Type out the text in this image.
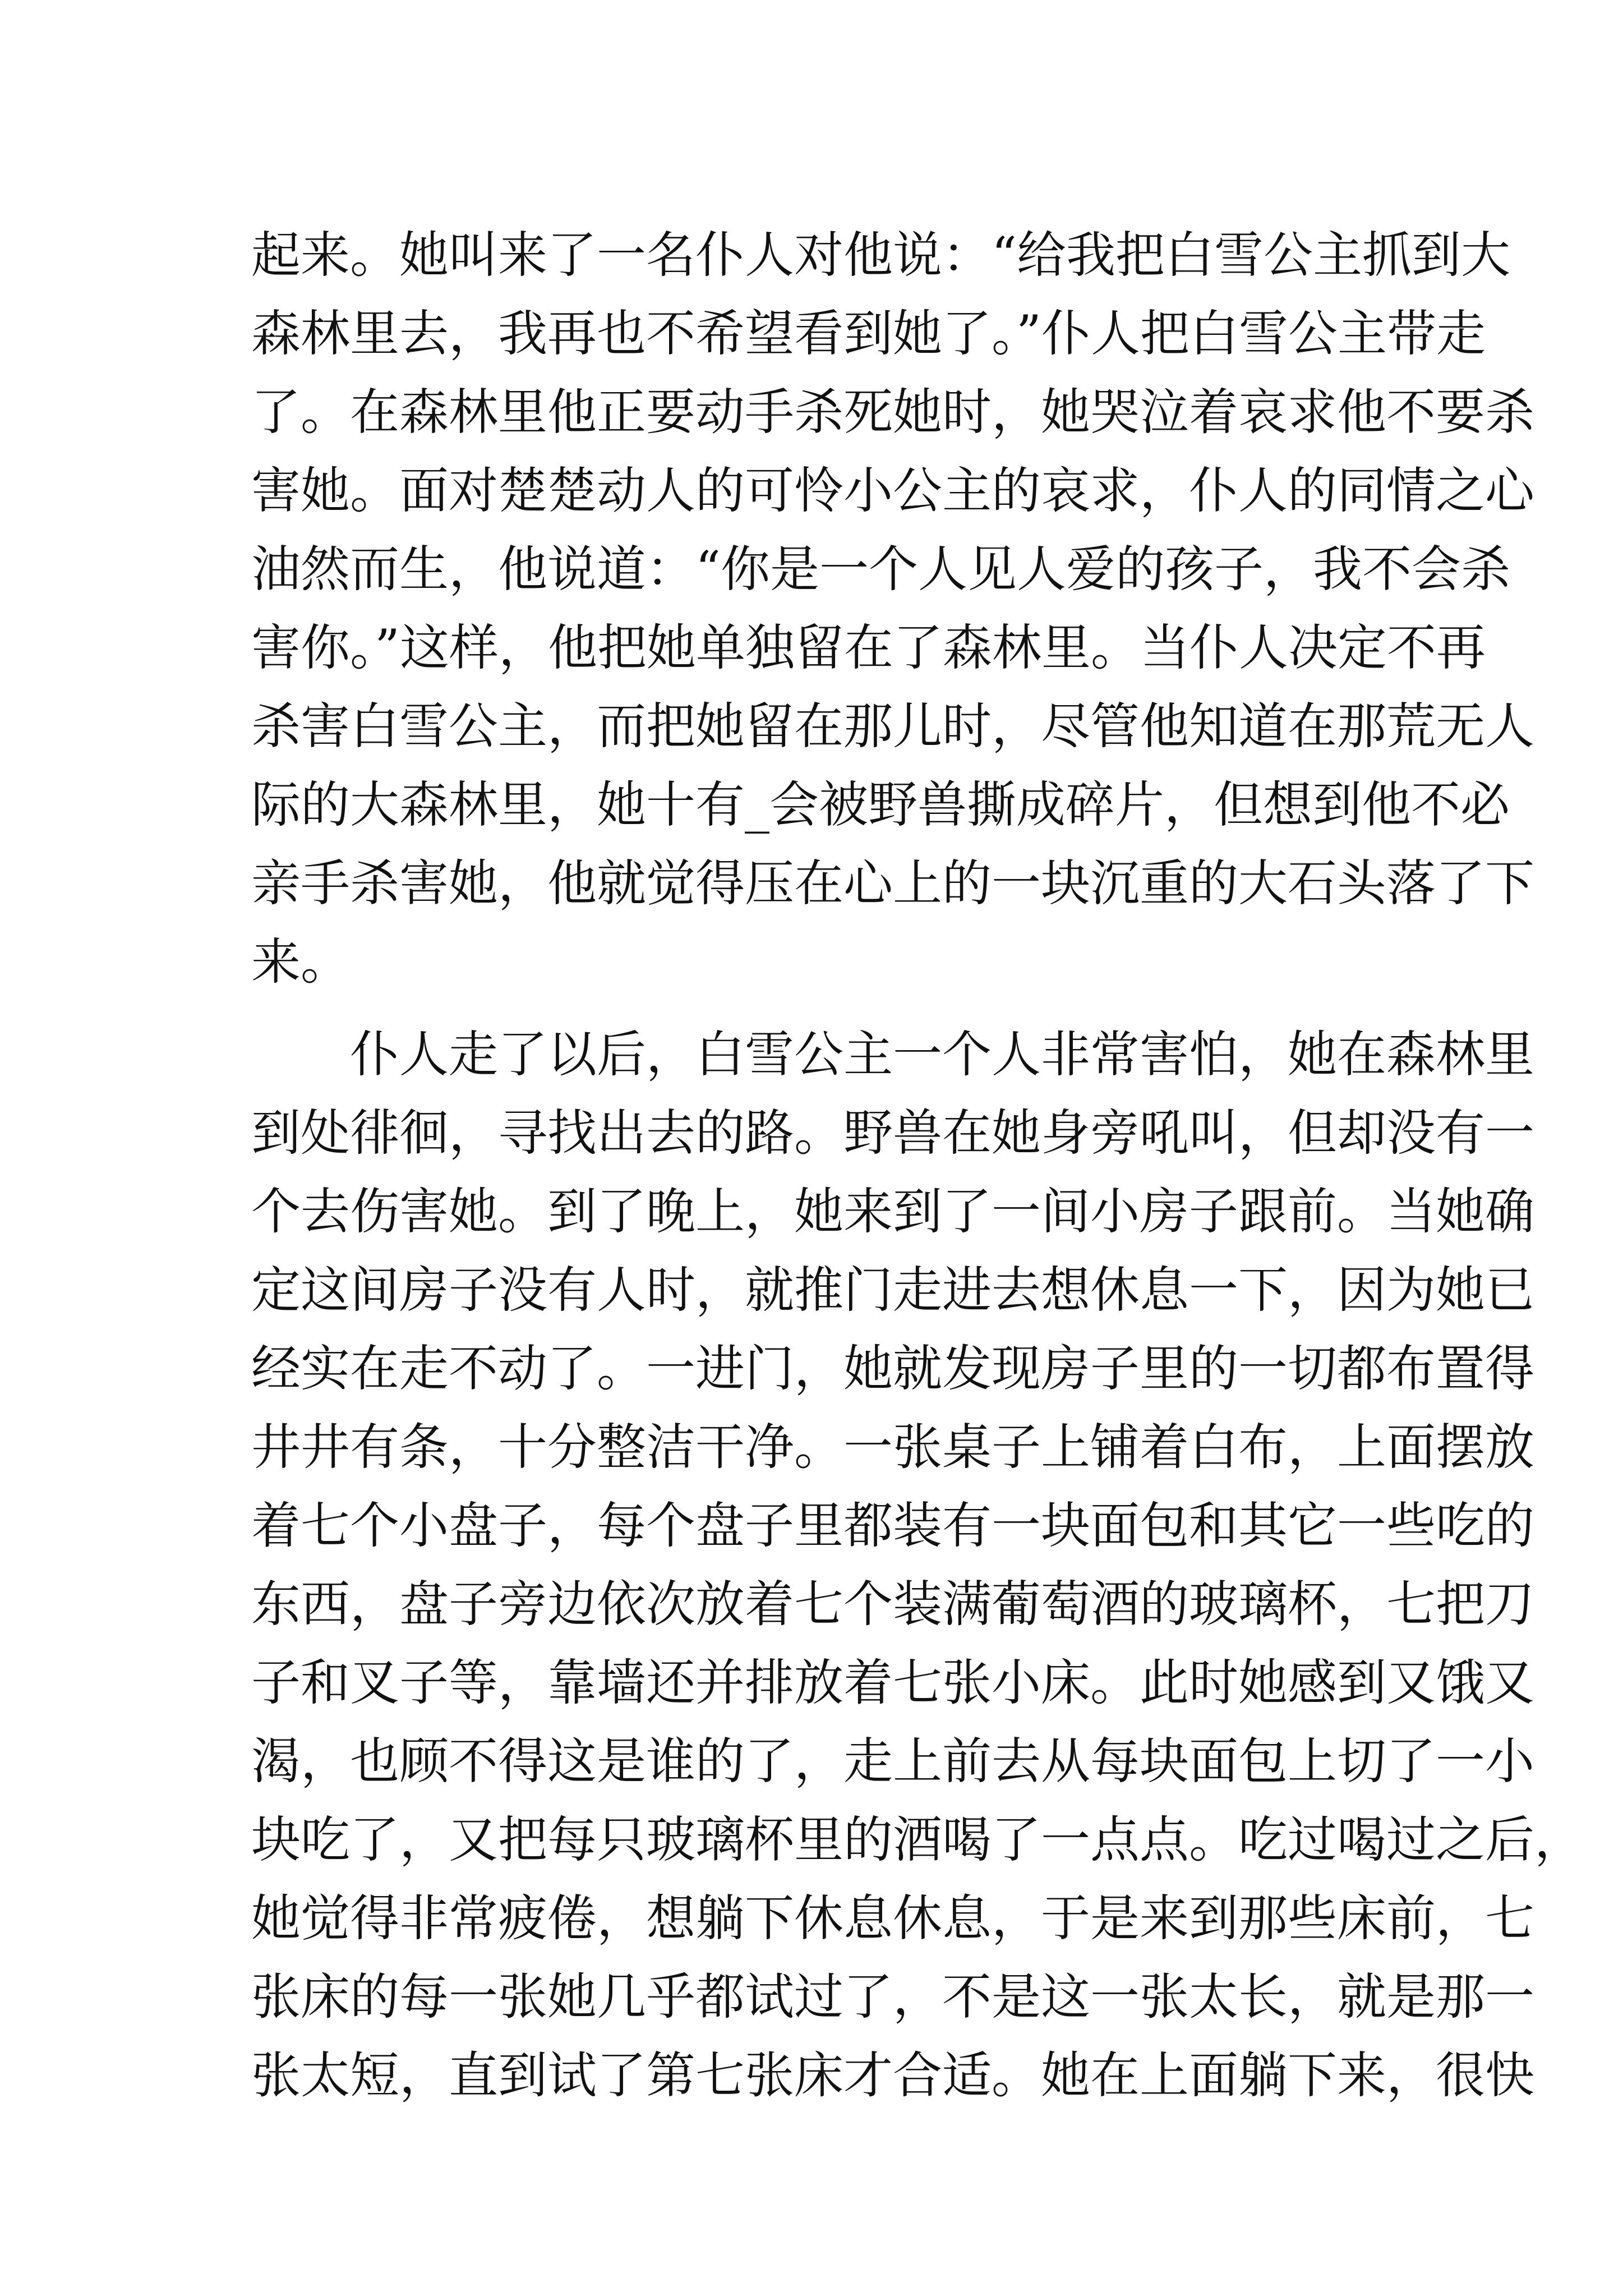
起来。她叫来了一名仆人对他说：“给我把白雪公主抓到大
森林里去，我再也不希望看到她了。”仆人把白雪公主带走
了。在森林里他正要动手杀死她时，她哭泣着哀求他不要杀
害她。面对楚楚动人的可怜小公主的哀求，仆人的同情之心
油然而生，他说道：“你是一个人见人爱的孩子，我不会杀
害你。”这样，他把她单独留在了森林里。当仆人决定不再
杀害白雪公主，而把她留在那儿时，尽管他知道在那荒无人
际的大森林里，她十有_会被野兽撕成碎片，但想到他不必
亲手杀害她，他就觉得压在心上的一块沉重的大石头落了下
来。
仆人走了以后，白雪公主一个人非常害怕，她在森林里
到处徘徊，寻找出去的路。野兽在她身旁吼叫，但却没有一
个去伤害她。到了晚上，她来到了一间小房子跟前。当她确
定这间房子没有人时，就推门走进去想休息一下，因为她已
经实在走不动了。一进门，她就发现房子里的一切都布置得
井井有条，十分整洁干净。一张桌子上铺着白布，上面摆放
着七个小盘子，每个盘子里都装有一块面包和其它一些吃的
东西，盘子旁边依次放着七个装满葡萄酒的玻璃杯，七把刀
子和叉子等，靠墙还并排放着七张小床。此时她感到又饿又
渴，也顾不得这是谁的了，走上前去从每块面包上切了一小
块吃了，又把每只玻璃杯里的酒喝了一点点。吃过喝过之后，
她觉得非常疲倦，想躺下休息休息，于是来到那些床前，七
张床的每一张她几乎都试过了，不是这一张太长，就是那一
张太短，直到试了第七张床才合适。她在上面躺下来，很快
